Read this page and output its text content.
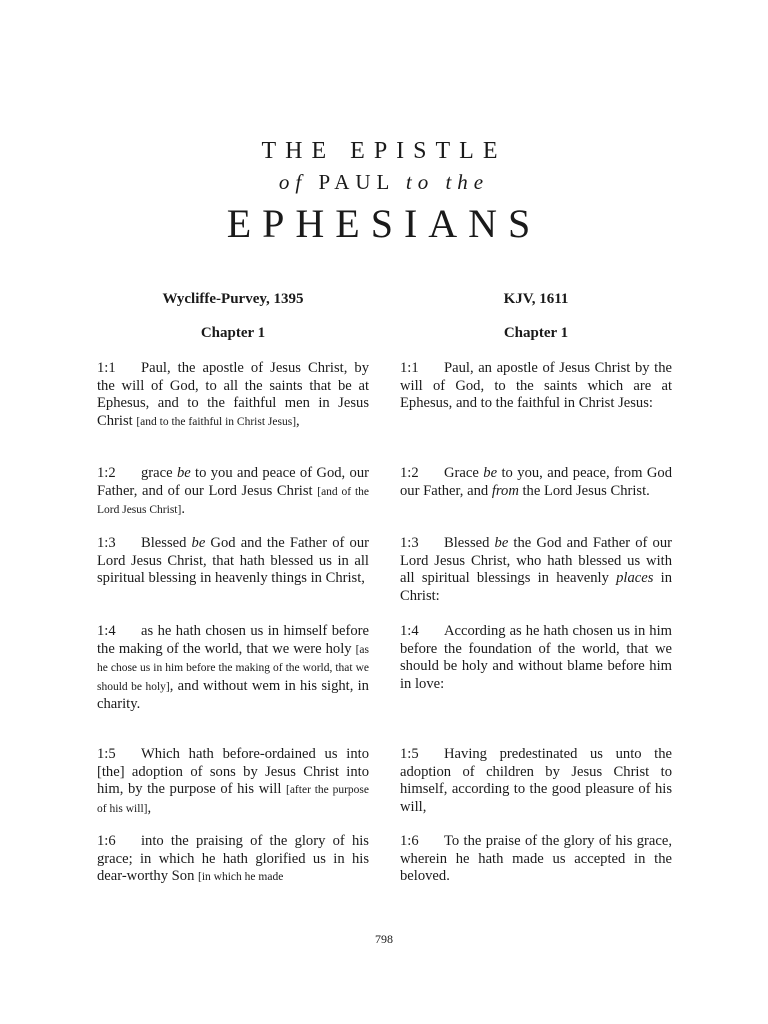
THE EPISTLE
of PAUL to the
EPHESIANS
Wycliffe-Purvey, 1395
Chapter 1
1:1 Paul, the apostle of Jesus Christ, by the will of God, to all the saints that be at Ephesus, and to the faithful men in Jesus Christ [and to the faithful in Christ Jesus],
1:2 grace be to you and peace of God, our Father, and of our Lord Jesus Christ [and of the Lord Jesus Christ].
1:3 Blessed be God and the Father of our Lord Jesus Christ, that hath blessed us in all spiritual blessing in heavenly things in Christ,
1:4 as he hath chosen us in himself before the making of the world, that we were holy [as he chose us in him before the making of the world, that we should be holy], and without wem in his sight, in charity.
1:5 Which hath before-ordained us into [the] adoption of sons by Jesus Christ into him, by the purpose of his will [after the purpose of his will],
1:6 into the praising of the glory of his grace; in which he hath glorified us in his dear-worthy Son [in which he made
KJV, 1611
Chapter 1
1:1 Paul, an apostle of Jesus Christ by the will of God, to the saints which are at Ephesus, and to the faithful in Christ Jesus:
1:2 Grace be to you, and peace, from God our Father, and from the Lord Jesus Christ.
1:3 Blessed be the God and Father of our Lord Jesus Christ, who hath blessed us with all spiritual blessings in heavenly places in Christ:
1:4 According as he hath chosen us in him before the foundation of the world, that we should be holy and without blame before him in love:
1:5 Having predestinated us unto the adoption of children by Jesus Christ to himself, according to the good pleasure of his will,
1:6 To the praise of the glory of his grace, wherein he hath made us accepted in the beloved.
798
